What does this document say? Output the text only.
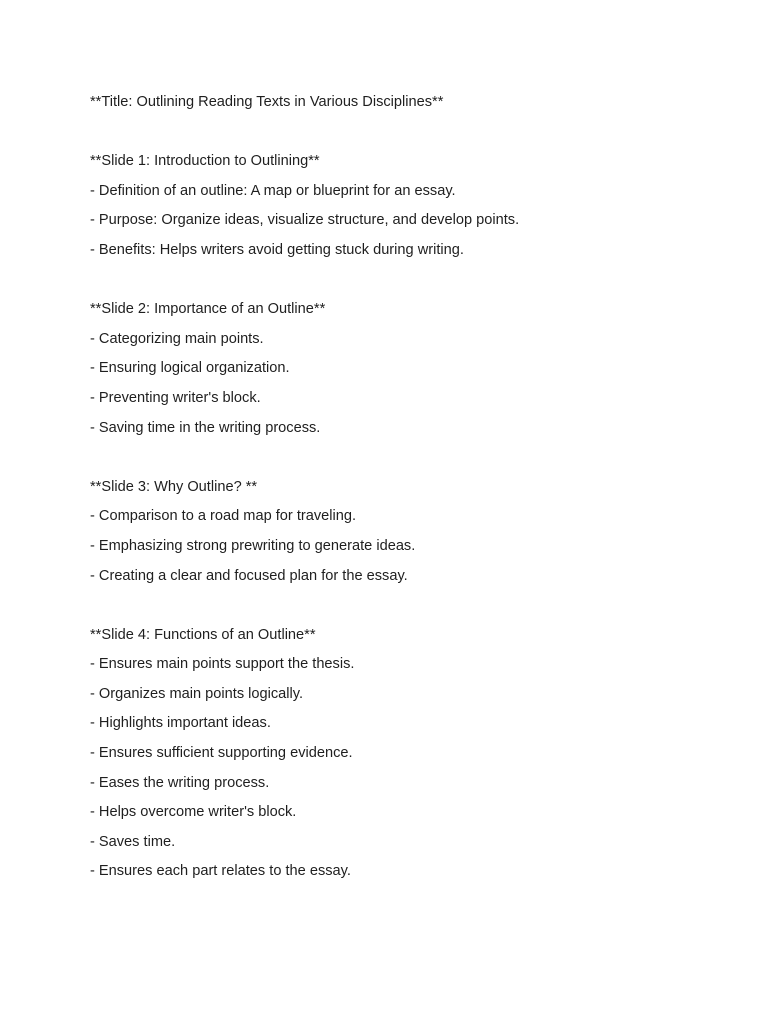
**Title: Outlining Reading Texts in Various Disciplines**
**Slide 1: Introduction to Outlining**
- Definition of an outline: A map or blueprint for an essay.
- Purpose: Organize ideas, visualize structure, and develop points.
- Benefits: Helps writers avoid getting stuck during writing.
**Slide 2: Importance of an Outline**
- Categorizing main points.
- Ensuring logical organization.
- Preventing writer's block.
- Saving time in the writing process.
**Slide 3: Why Outline? **
- Comparison to a road map for traveling.
- Emphasizing strong prewriting to generate ideas.
- Creating a clear and focused plan for the essay.
**Slide 4: Functions of an Outline**
- Ensures main points support the thesis.
- Organizes main points logically.
- Highlights important ideas.
- Ensures sufficient supporting evidence.
- Eases the writing process.
- Helps overcome writer's block.
- Saves time.
- Ensures each part relates to the essay.
